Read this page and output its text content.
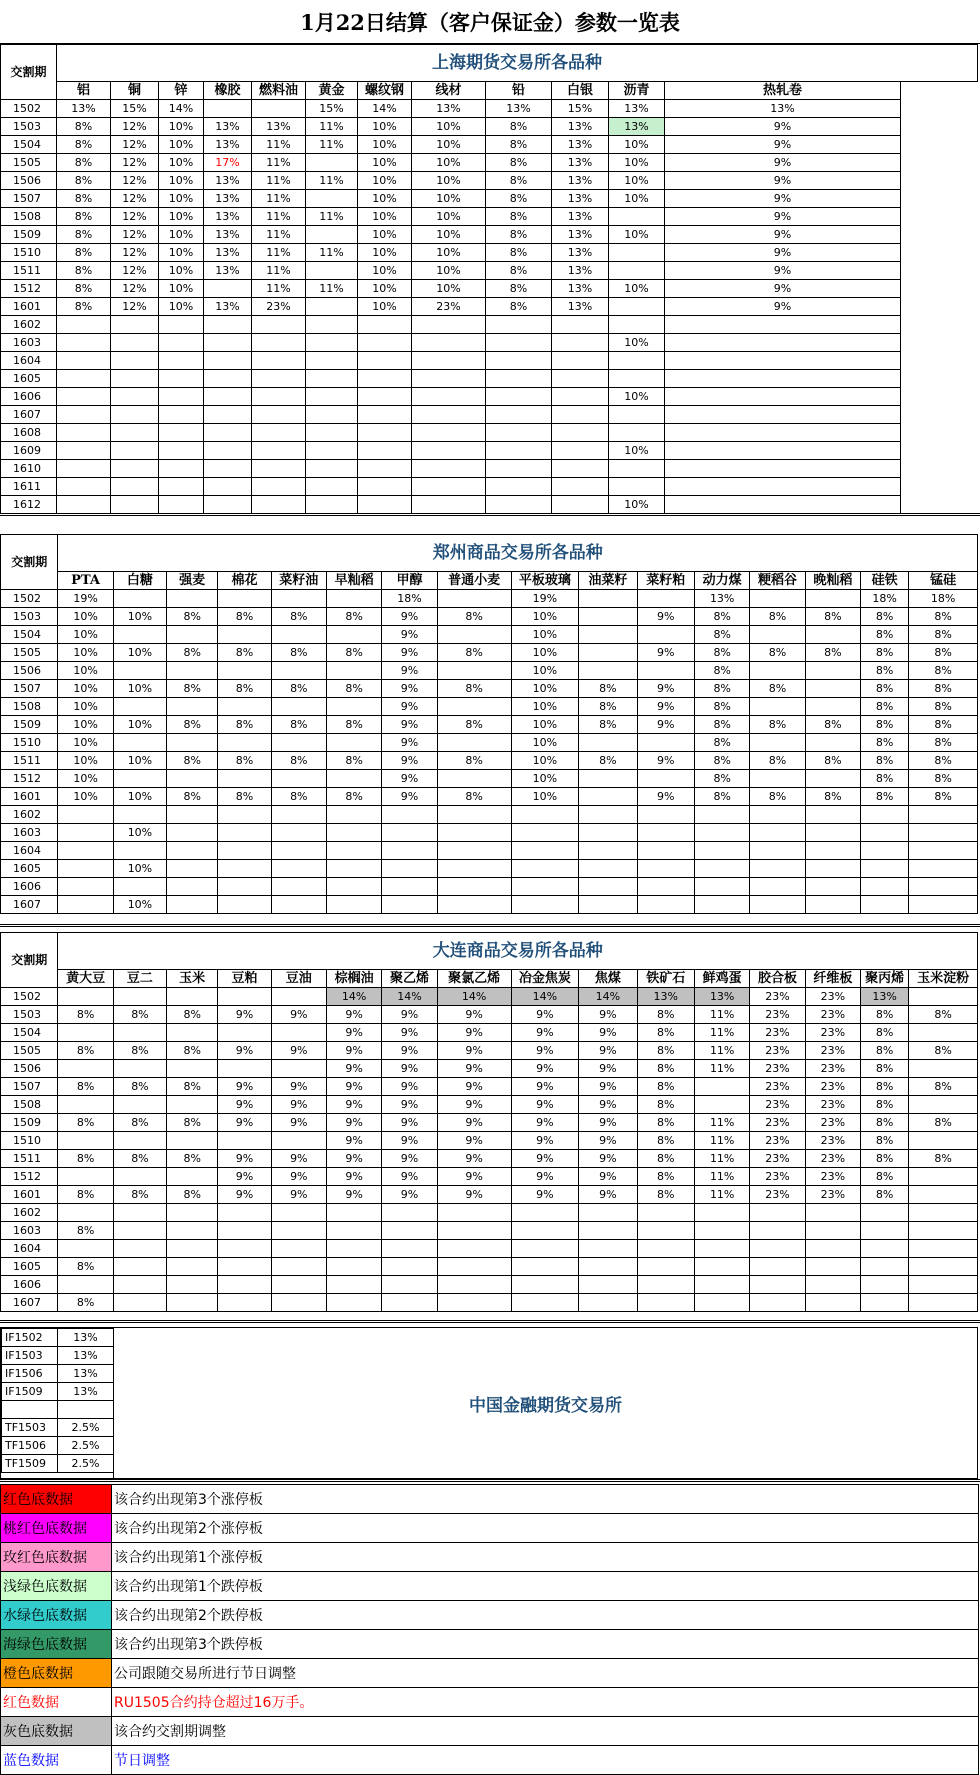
1月22日结算（客户保证金）参数一览表
交割期	上海期货交易所各品种												
	铝	铜	锌	橡胶	燃料油	黄金	螺纹钢	线材	铅	白银	沥青	热轧卷	
1502	13%	15%	14%			15%	14%	13%	13%	15%	13%	13%	
1503	8%	12%	10%	13%	13%	11%	10%	10%	8%	13%	13%	9%	
1504	8%	12%	10%	13%	11%	11%	10%	10%	8%	13%	10%	9%	
1505	8%	12%	10%	17%	11%		10%	10%	8%	13%	10%	9%	
1506	8%	12%	10%	13%	11%	11%	10%	10%	8%	13%	10%	9%	
1507	8%	12%	10%	13%	11%		10%	10%	8%	13%	10%	9%	
1508	8%	12%	10%	13%	11%	11%	10%	10%	8%	13%		9%	
1509	8%	12%	10%	13%	11%		10%	10%	8%	13%	10%	9%	
1510	8%	12%	10%	13%	11%	11%	10%	10%	8%	13%		9%	
1511	8%	12%	10%	13%	11%		10%	10%	8%	13%		9%	
1512	8%	12%	10%		11%	11%	10%	10%	8%	13%	10%	9%	
1601	8%	12%	10%	13%	23%		10%	23%	8%	13%		9%	
1602													
1603											10%		
1604													
1605													
1606											10%		
1607													
1608													
1609											10%		
1610													
1611													
1612											10%		
交割期	郑州商品交易所各品种															
	PTA	白糖	强麦	棉花	菜籽油	早籼稻	甲醇	普通小麦	平板玻璃	油菜籽	菜籽粕	动力煤	粳稻谷	晚籼稻	硅铁	锰硅
1502	19%						18%		19%			13%			18%	18%
1503	10%	10%	8%	8%	8%	8%	9%	8%	10%		9%	8%	8%	8%	8%	8%
1504	10%						9%		10%			8%			8%	8%
1505	10%	10%	8%	8%	8%	8%	9%	8%	10%		9%	8%	8%	8%	8%	8%
1506	10%						9%		10%			8%			8%	8%
1507	10%	10%	8%	8%	8%	8%	9%	8%	10%	8%	9%	8%	8%		8%	8%
1508	10%						9%		10%	8%	9%	8%			8%	8%
1509	10%	10%	8%	8%	8%	8%	9%	8%	10%	8%	9%	8%	8%	8%	8%	8%
1510	10%						9%		10%			8%			8%	8%
1511	10%	10%	8%	8%	8%	8%	9%	8%	10%	8%	9%	8%	8%	8%	8%	8%
1512	10%						9%		10%			8%			8%	8%
1601	10%	10%	8%	8%	8%	8%	9%	8%	10%		9%	8%	8%	8%	8%	8%
1602																
1603		10%														
1604																
1605		10%														
1606																
1607		10%														
交割期	大连商品交易所各品种															
	黄大豆	豆二	玉米	豆粕	豆油	棕榈油	聚乙烯	聚氯乙烯	冶金焦炭	焦煤	铁矿石	鲜鸡蛋	胶合板	纤维板	聚丙烯	玉米淀粉
1502						14%	14%	14%	14%	14%	13%	13%	23%	23%	13%	
1503	8%	8%	8%	9%	9%	9%	9%	9%	9%	9%	8%	11%	23%	23%	8%	8%
1504						9%	9%	9%	9%	9%	8%	11%	23%	23%	8%	
1505	8%	8%	8%	9%	9%	9%	9%	9%	9%	9%	8%	11%	23%	23%	8%	8%
1506						9%	9%	9%	9%	9%	8%	11%	23%	23%	8%	
1507	8%	8%	8%	9%	9%	9%	9%	9%	9%	9%	8%		23%	23%	8%	8%
1508				9%	9%	9%	9%	9%	9%	9%	8%		23%	23%	8%	
1509	8%	8%	8%	9%	9%	9%	9%	9%	9%	9%	8%	11%	23%	23%	8%	8%
1510						9%	9%	9%	9%	9%	8%	11%	23%	23%	8%	
1511	8%	8%	8%	9%	9%	9%	9%	9%	9%	9%	8%	11%	23%	23%	8%	8%
1512				9%	9%	9%	9%	9%	9%	9%	8%	11%	23%	23%	8%	
1601	8%	8%	8%	9%	9%	9%	9%	9%	9%	9%	8%	11%	23%	23%	8%	
1602																
1603	8%															
1604																
1605	8%															
1606																
1607	8%															
IF1502	13%
IF1503	13%
IF1506	13%
IF1509	13%

TF1503	2.5%
TF1506	2.5%
TF1509	2.5%
中国金融期货交易所
红色底数据	该合约出现第3个涨停板
桃红色底数据	该合约出现第2个涨停板
玫红色底数据	该合约出现第1个涨停板
浅绿色底数据	该合约出现第1个跌停板
水绿色底数据	该合约出现第2个跌停板
海绿色底数据	该合约出现第3个跌停板
橙色底数据	公司跟随交易所进行节日调整
红色数据	RU1505合约持仓超过16万手。
灰色底数据	该合约交割期调整
蓝色数据	节日调整
